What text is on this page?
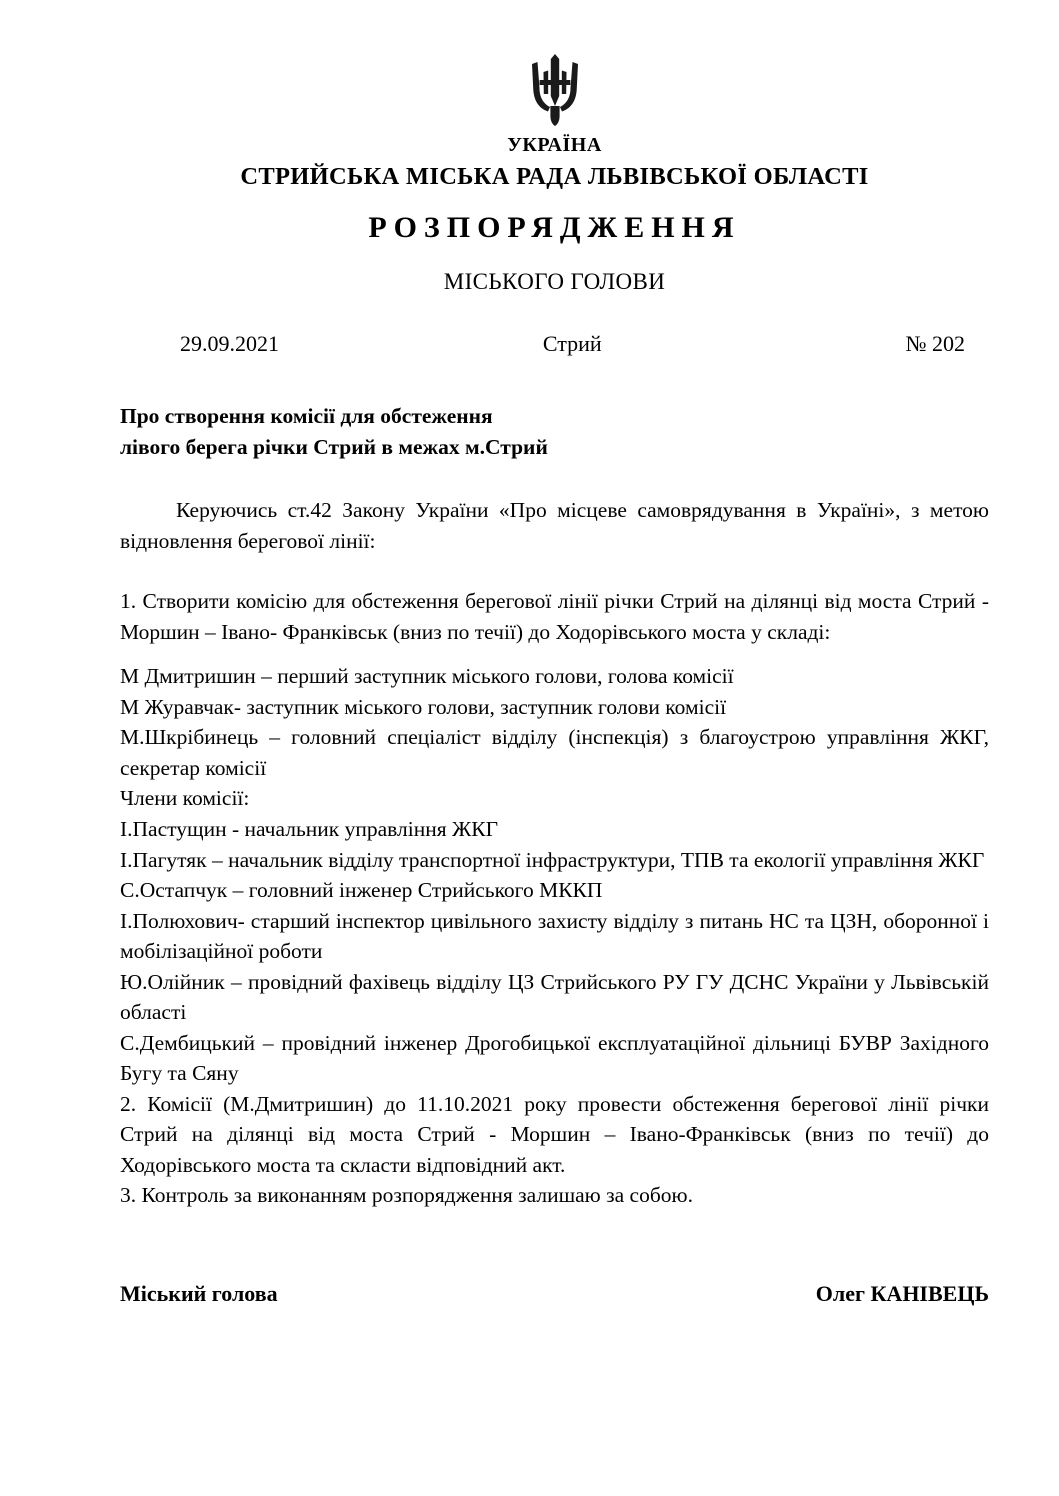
УКРАЇНА
СТРИЙСЬКА МІСЬКА РАДА ЛЬВІВСЬКОЇ ОБЛАСТІ
РОЗПОРЯДЖЕННЯ
МІСЬКОГО ГОЛОВИ
29.09.2021	Стрий	№ 202
Про створення комісії для обстеження
лівого берега річки Стрий в межах м.Стрий

Керуючись ст.42 Закону України «Про місцеве самоврядування в Україні», з метою відновлення берегової лінії:

1. Створити комісію для обстеження берегової лінії річки Стрий на ділянці від моста Стрий - Моршин – Івано- Франківськ (вниз по течії) до Ходорівського моста у складі:

М Дмитришин – перший заступник міського голови, голова комісії

М Журавчак- заступник міського голови, заступник голови комісії

М.Шкрібинець – головний спеціаліст відділу (інспекція) з благоустрою управління ЖКГ, секретар комісії

Члени комісії:

І.Пастущин - начальник управління ЖКГ

І.Пагутяк – начальник відділу транспортної інфраструктури, ТПВ та екології управління ЖКГ

С.Остапчук – головний інженер Стрийського МККП

І.Полюхович- старший інспектор цивільного захисту відділу з питань НС та ЦЗН, оборонної і мобілізаційної роботи

Ю.Олійник – провідний фахівець відділу ЦЗ Стрийського РУ ГУ ДСНС України у Львівській області

С.Дембицький – провідний інженер Дрогобицької експлуатаційної дільниці БУВР Західного Бугу та Сяну

2. Комісії (М.Дмитришин) до 11.10.2021 року провести обстеження берегової лінії річки Стрий на ділянці від моста Стрий - Моршин – Івано-Франківськ (вниз по течії) до Ходорівського моста та скласти відповідний акт.

3. Контроль за виконанням розпорядження залишаю за собою.

Міський голова	Олег КАНІВЕЦЬ
